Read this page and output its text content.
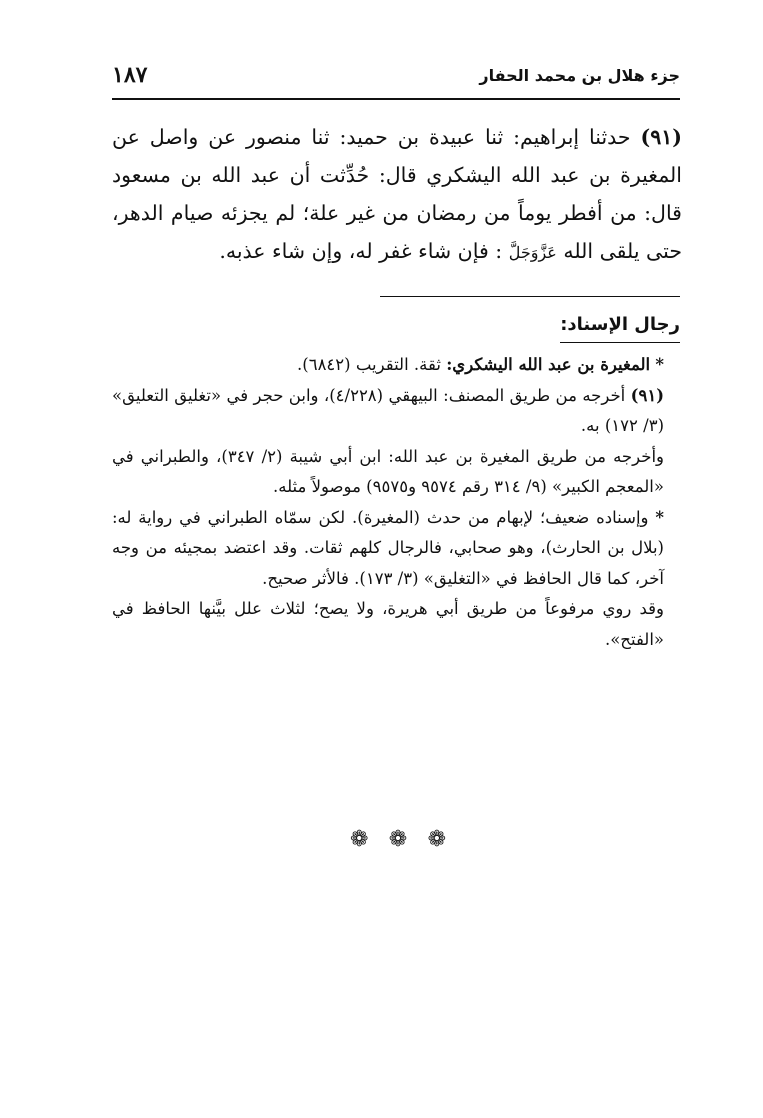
جزء هلال بن محمد الحفار
١٨٧
(٩١) حدثنا إبراهيم: ثنا عبيدة بن حميد: ثنا منصور عن واصل عن المغيرة بن عبد الله اليشكري قال: حُدِّثت أن عبد الله بن مسعود قال: من أفطر يوماً من رمضان من غير علة؛ لم يجزئه صيام الدهر، حتى يلقى الله عَزَّوَجَلَّ : فإن شاء غفر له، وإن شاء عذبه.
رجال الإسناد:

* المغيرة بن عبد الله اليشكري: ثقة. التقريب (٦٨٤٢).

(٩١) أخرجه من طريق المصنف: البيهقي (٤/٢٢٨)، وابن حجر في «تغليق التعليق» (٣/ ١٧٢) به.

وأخرجه من طريق المغيرة بن عبد الله: ابن أبي شيبة (٢/ ٣٤٧)، والطبراني في «المعجم الكبير» (٩/ ٣١٤ رقم ٩٥٧٤ و٩٥٧٥) موصولاً مثله.

* وإسناده ضعيف؛ لإبهام من حدث (المغيرة). لكن سمّاه الطبراني في رواية له: (بلال بن الحارث)، وهو صحابي، فالرجال كلهم ثقات. وقد اعتضد بمجيئه من وجه آخر، كما قال الحافظ في «التغليق» (٣/ ١٧٣). فالأثر صحيح.

وقد روي مرفوعاً من طريق أبي هريرة، ولا يصح؛ لثلاث علل بيَّنها الحافظ في «الفتح».

❁ ❁ ❁
